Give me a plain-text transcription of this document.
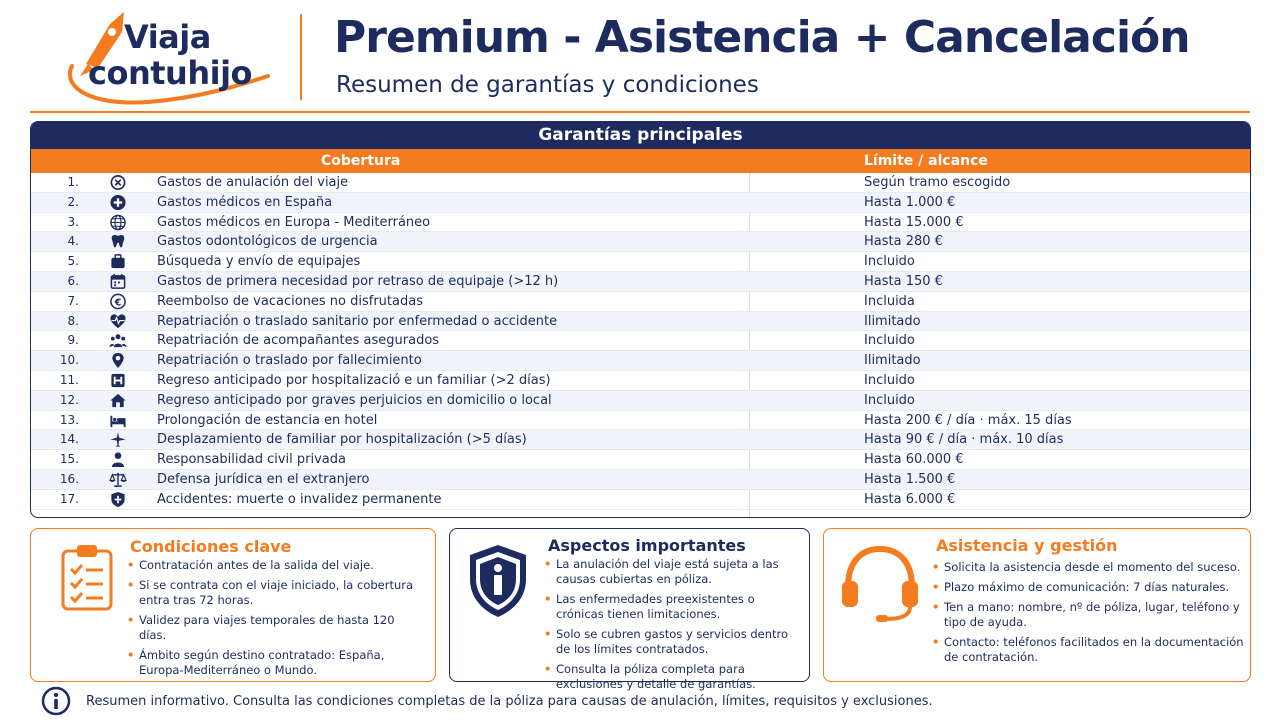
Viaja
contuhijo
Premium - Asistencia + Cancelación
Resumen de garantías y condiciones
Garantías principales
Cobertura	Límite / alcance
1.	Gastos de anulación del viaje	Según tramo escogido
2.	Gastos médicos en España	Hasta 1.000 €
3.	Gastos médicos en Europa - Mediterráneo	Hasta 15.000 €
4.	Gastos odontológicos de urgencia	Hasta 280 €
5.	Búsqueda y envío de equipajes	Incluido
6.	Gastos de primera necesidad por retraso de equipaje (>12 h)	Hasta 150 €
7.	€	Reembolso de vacaciones no disfrutadas	Incluida
8.	Repatriación o traslado sanitario por enfermedad o accidente	Ilimitado
9.	Repatriación de acompañantes asegurados	Incluido
10.	Repatriación o traslado por fallecimiento	Ilimitado
11.	Regreso anticipado por hospitalizació e un familiar (>2 días)	Incluido
12.	Regreso anticipado por graves perjuicios en domicilio o local	Incluido
13.	Prolongación de estancia en hotel	Hasta 200 € / día · máx. 15 días
14.	Desplazamiento de familiar por hospitalización (>5 días)	Hasta 90 € / día · máx. 10 días
15.	Responsabilidad civil privada	Hasta 60.000 €
16.	Defensa jurídica en el extranjero	Hasta 1.500 €
17.	Accidentes: muerte o invalidez permanente	Hasta 6.000 €
Condiciones clave
• Contratación antes de la salida del viaje.
• Si se contrata con el viaje iniciado, la cobertura entra tras 72 horas.
• Validez para viajes temporales de hasta 120 días.
• Ámbito según destino contratado: España, Europa-Mediterráneo o Mundo.
Aspectos importantes
• La anulación del viaje está sujeta a las causas cubiertas en póliza.
• Las enfermedades preexistentes o crónicas tienen limitaciones.
• Solo se cubren gastos y servicios dentro de los límites contratados.
• Consulta la póliza completa para exclusiones y detalle de garantías.
Asistencia y gestión
• Solicita la asistencia desde el momento del suceso.
• Plazo máximo de comunicación: 7 días naturales.
• Ten a mano: nombre, nº de póliza, lugar, teléfono y tipo de ayuda.
• Contacto: teléfonos facilitados en la documentación de contratación.
Resumen informativo. Consulta las condiciones completas de la póliza para causas de anulación, límites, requisitos y exclusiones.
